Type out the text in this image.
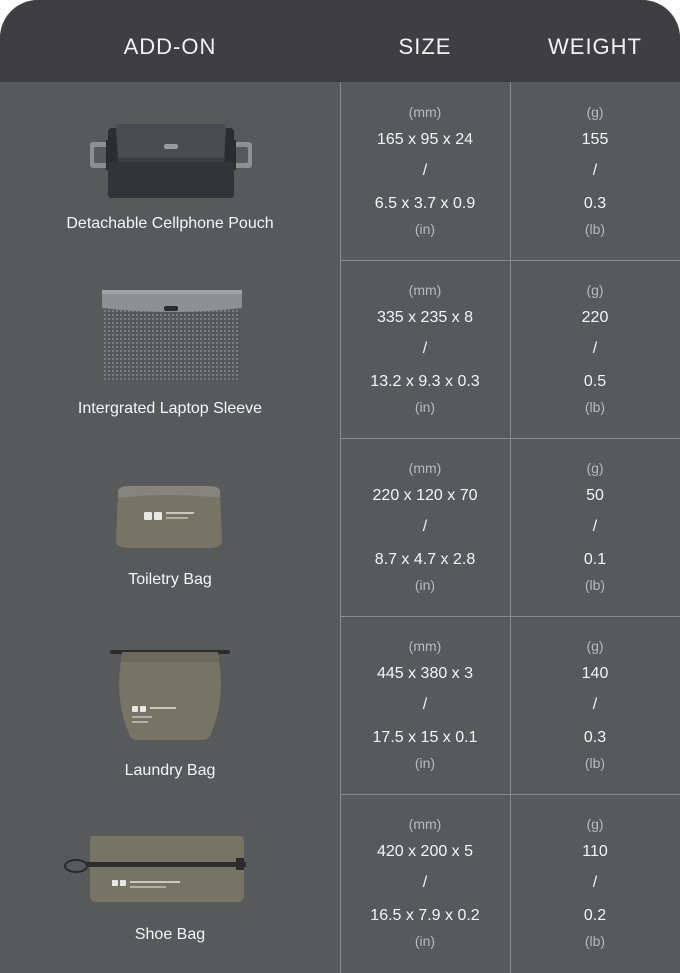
ADD-ON	SIZE	WEIGHT
Detachable Cellphone Pouch
(mm)
165 x 95 x 24
/
6.5 x 3.7 x 0.9
(in)
(g)
155
/
0.3
(lb)
Intergrated Laptop Sleeve
(mm)
335 x 235 x 8
/
13.2 x 9.3 x 0.3
(in)
(g)
220
/
0.5
(lb)
Toiletry Bag
(mm)
220 x 120 x 70
/
8.7 x 4.7 x 2.8
(in)
(g)
50
/
0.1
(lb)
Laundry Bag
(mm)
445 x 380 x 3
/
17.5 x 15 x 0.1
(in)
(g)
140
/
0.3
(lb)
Shoe Bag
(mm)
420 x 200 x 5
/
16.5 x 7.9 x 0.2
(in)
(g)
110
/
0.2
(lb)
